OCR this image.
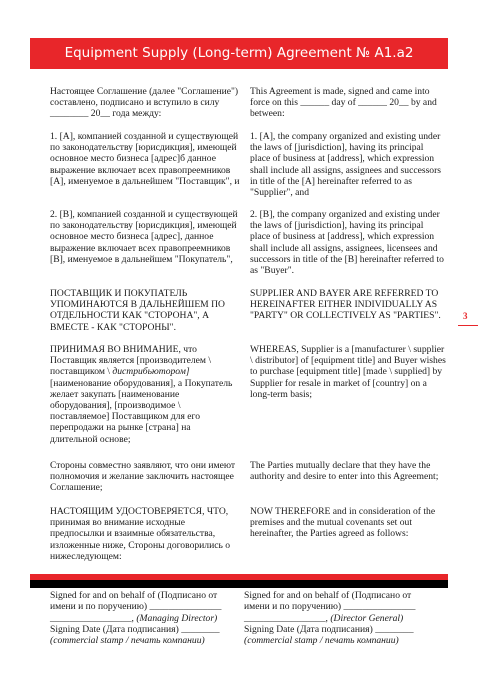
Equipment Supply (Long-term) Agreement № A1.a2
Настоящее Соглашение (далее "Соглашение") составлено, подписано и вступило в силу ________ 20__ года между:
1. [A], компанией созданной и существующей по законодательству [юрисдикция], имеющей основное место бизнеса [адрес]б данное выражение включает всех правопреемников [A], именуемое в дальнейшем "Поставщик", и
2. [B], компанией созданной и существующей по законодательству [юрисдикция], имеющей основное место бизнеса [адрес], данное выражение включает всех правопреемников [B], именуемое в дальнейшем "Покупатель",
ПОСТАВЩИК И ПОКУПАТЕЛЬ УПОМИНАЮТСЯ В ДАЛЬНЕЙШЕМ ПО ОТДЕЛЬНОСТИ КАК "СТОРОНА", А ВМЕСТЕ - КАК "СТОРОНЫ".
ПРИНИМАЯ ВО ВНИМАНИЕ, что Поставщик является [производителем \ поставщиком \ дистрибьютором] [наименование оборудования], а Покупатель желает закупать [наименование оборудования], [производимое \ поставляемое] Поставщиком для его перепродажи на рынке [страна] на длительной основе;
Стороны совместно заявляют, что они имеют полномочия и желание заключить настоящее Соглашение;
НАСТОЯЩИМ УДОСТОВЕРЯЕТСЯ, ЧТО, принимая во внимание исходные предпосылки и взаимные обязательства, изложенные ниже, Стороны договорились о нижеследующем:
This Agreement is made, signed and came into force on this ______ day of ______ 20__ by and between:
1. [A], the company organized and existing under the laws of [jurisdiction], having its principal place of business at [address], which expression shall include all assigns, assignees and successors in title of the [A] hereinafter referred to as "Supplier", and
2. [B], the company organized and existing under the laws of [jurisdiction], having its principal place of business at [address], which expression shall include all assigns, assignees, licensees and successors in title of the [B] hereinafter referred to as "Buyer".
SUPPLIER AND BAYER ARE REFERRED TO HEREINAFTER EITHER INDIVIDUALLY AS "PARTY" OR COLLECTIVELY AS "PARTIES".
WHEREAS, Supplier is a [manufacturer \ supplier \ distributor] of [equipment title] and Buyer wishes to purchase [equipment title] [made \ supplied] by Supplier for resale in market of [country] on a long-term basis;
The Parties mutually declare that they have the authority and desire to enter into this Agreement;
NOW THEREFORE and in consideration of the premises and the mutual covenants set out hereinafter, the Parties agreed as follows:
3
Signed for and on behalf of (Подписано от
имени и по поручению) _______________
_________________, (Managing Director)
Signing Date (Дата подписания) ________
(commercial stamp / печать компании)
Signed for and on behalf of (Подписано от
имени и по поручению) _______________
_________________, (Director General)
Signing Date (Дата подписания) ________
(commercial stamp / печать компании)
